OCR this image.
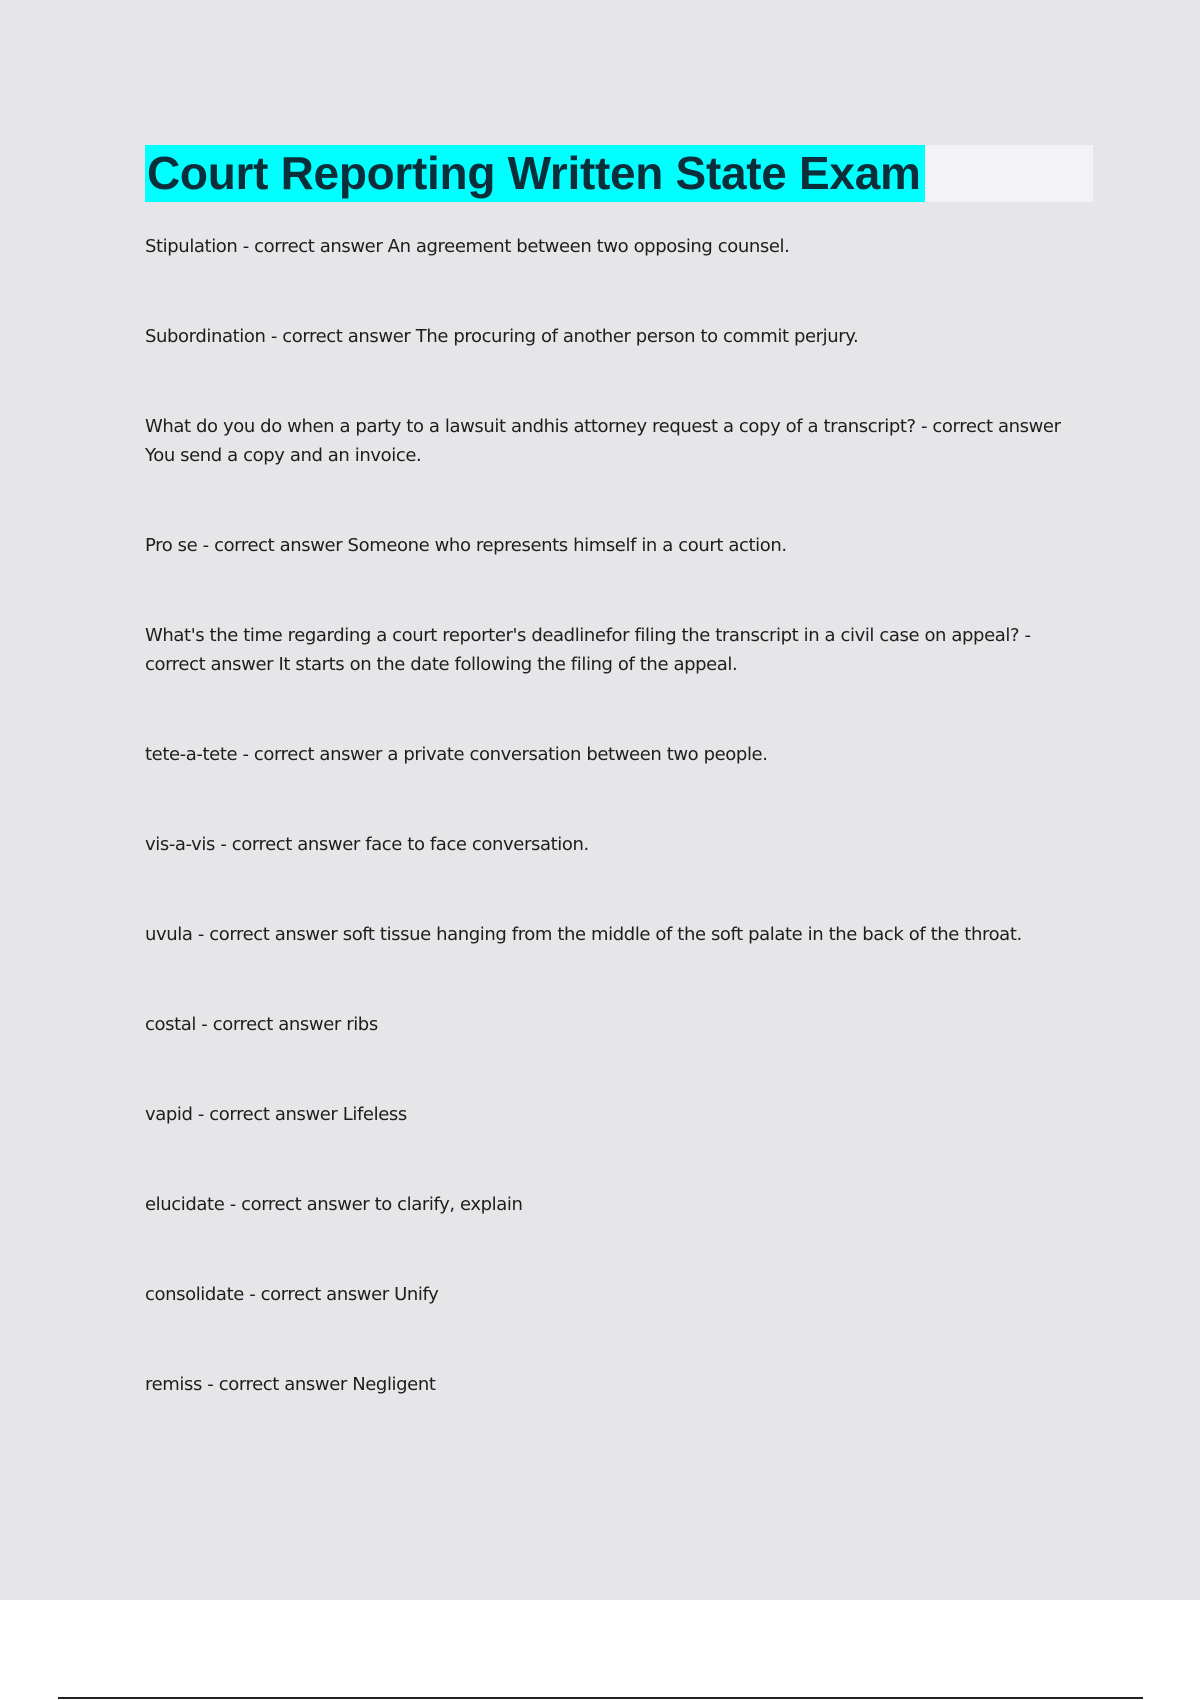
Court Reporting Written State Exam
Stipulation - correct answer An agreement between two opposing counsel.
Subordination - correct answer The procuring of another person to commit perjury.
What do you do when a party to a lawsuit andhis attorney request a copy of a transcript? - correct answer You send a copy and an invoice.
Pro se - correct answer Someone who represents himself in a court action.
What's the time regarding a court reporter's deadlinefor filing the transcript in a civil case on appeal? - correct answer It starts on the date following the filing of the appeal.
tete-a-tete - correct answer a private conversation between two people.
vis-a-vis - correct answer face to face conversation.
uvula - correct answer soft tissue hanging from the middle of the soft palate in the back of the throat.
costal - correct answer ribs
vapid - correct answer Lifeless
elucidate - correct answer to clarify, explain
consolidate - correct answer Unify
remiss - correct answer Negligent
